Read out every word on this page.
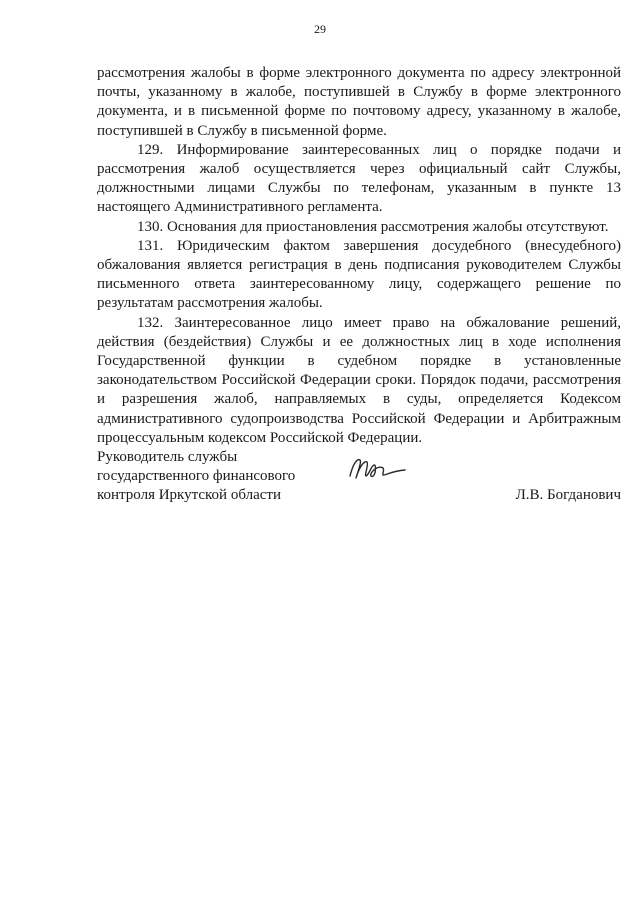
29

рассмотрения жалобы в форме электронного документа по адресу электронной почты, указанному в жалобе, поступившей в Службу в форме электронного документа, и в письменной форме по почтовому адресу, указанному в жалобе, поступившей в Службу в письменной форме.

129. Информирование заинтересованных лиц о порядке подачи и рассмотрения жалоб осуществляется через официальный сайт Службы, должностными лицами Службы по телефонам, указанным в пункте 13 настоящего Административного регламента.

130. Основания для приостановления рассмотрения жалобы отсутствуют.

131. Юридическим фактом завершения досудебного (внесудебного) обжалования является регистрация в день подписания руководителем Службы письменного ответа заинтересованному лицу, содержащего решение по результатам рассмотрения жалобы.

132. Заинтересованное лицо имеет право на обжалование решений, действия (бездействия) Службы и ее должностных лиц в ходе исполнения Государственной функции в судебном порядке в установленные законодательством Российской Федерации сроки. Порядок подачи, рассмотрения и разрешения жалоб, направляемых в суды, определяется Кодексом административного судопроизводства Российской Федерации и Арбитражным процессуальным кодексом Российской Федерации.

Руководитель службы
государственного финансового
контроля Иркутской области	Л.В. Богданович
